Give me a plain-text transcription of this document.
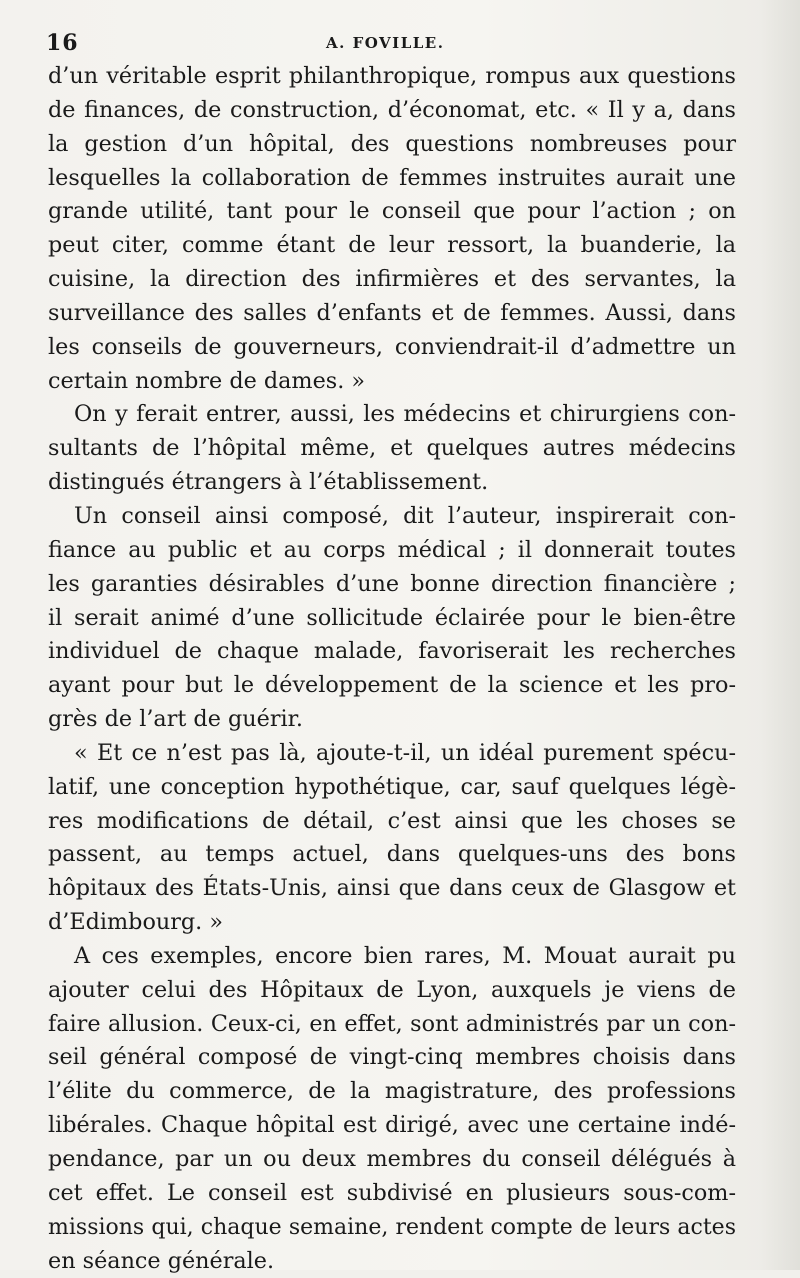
16	A. FOVILLE.
d’un véritable esprit philanthropique, rompus aux questions
de finances, de construction, d’économat, etc. « Il y a, dans
la gestion d’un hôpital, des questions nombreuses pour
lesquelles la collaboration de femmes instruites aurait une
grande utilité, tant pour le conseil que pour l’action ; on
peut citer, comme étant de leur ressort, la buanderie, la
cuisine, la direction des infirmières et des servantes, la
surveillance des salles d’enfants et de femmes. Aussi, dans
les conseils de gouverneurs, conviendrait-il d’admettre un
certain nombre de dames. »
On y ferait entrer, aussi, les médecins et chirurgiens con-
sultants de l’hôpital même, et quelques autres médecins
distingués étrangers à l’établissement.
Un conseil ainsi composé, dit l’auteur, inspirerait con-
fiance au public et au corps médical ; il donnerait toutes
les garanties désirables d’une bonne direction financière ;
il serait animé d’une sollicitude éclairée pour le bien-être
individuel de chaque malade, favoriserait les recherches
ayant pour but le développement de la science et les pro-
grès de l’art de guérir.
« Et ce n’est pas là, ajoute-t-il, un idéal purement spécu-
latif, une conception hypothétique, car, sauf quelques légè-
res modifications de détail, c’est ainsi que les choses se
passent, au temps actuel, dans quelques-uns des bons
hôpitaux des États-Unis, ainsi que dans ceux de Glasgow et
d’Edimbourg. »
A ces exemples, encore bien rares, M. Mouat aurait pu
ajouter celui des Hôpitaux de Lyon, auxquels je viens de
faire allusion. Ceux-ci, en effet, sont administrés par un con-
seil général composé de vingt-cinq membres choisis dans
l’élite du commerce, de la magistrature, des professions
libérales. Chaque hôpital est dirigé, avec une certaine indé-
pendance, par un ou deux membres du conseil délégués à
cet effet. Le conseil est subdivisé en plusieurs sous-com-
missions qui, chaque semaine, rendent compte de leurs actes
en séance générale.
